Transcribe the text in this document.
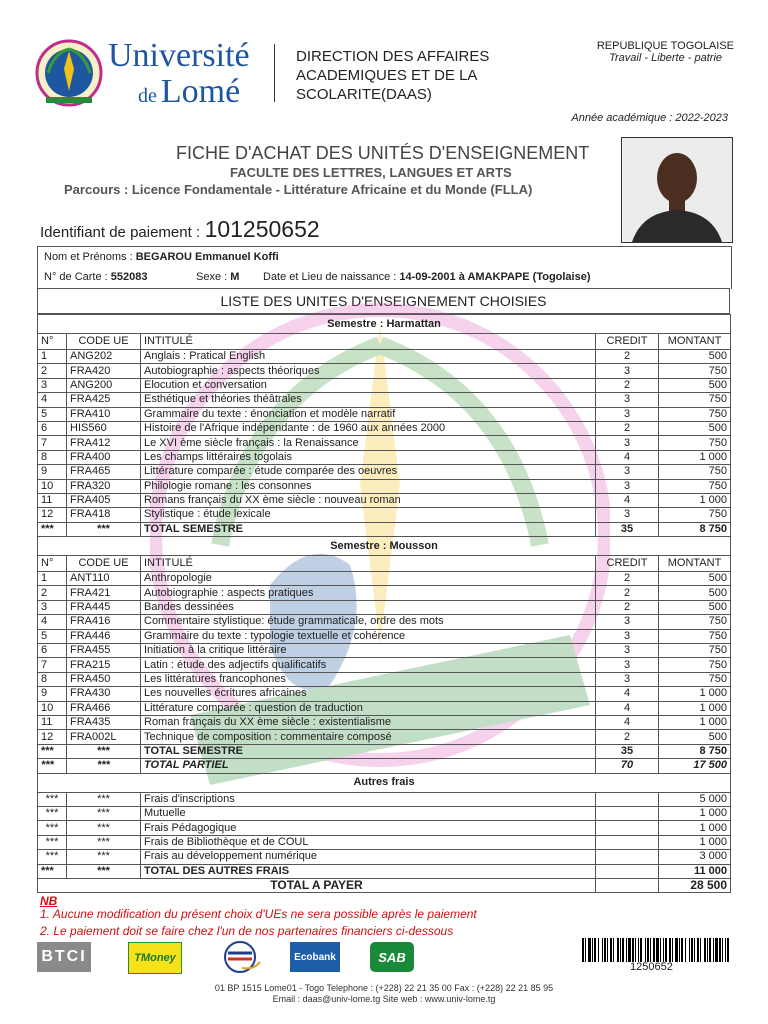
Université
de Lomé
DIRECTION DES AFFAIRES
ACADEMIQUES ET DE LA
SCOLARITE(DAAS)
REPUBLIQUE TOGOLAISE
Travail - Liberte - patrie
Année académique : 2022-2023
FICHE D'ACHAT DES UNITÉS D'ENSEIGNEMENT
FACULTE DES LETTRES, LANGUES ET ARTS
Parcours : Licence Fondamentale - Littérature Africaine et du Monde (FLLA)
Identifiant de paiement : 101250652
Nom et Prénoms : BEGAROU Emmanuel Koffi
N° de Carte : 552083	Sexe : M Date et Lieu de naissance : 14-09-2001 à AMAKPAPE (Togolaise)
LISTE DES UNITES D'ENSEIGNEMENT CHOISIES
Semestre : Harmattan				
N°	CODE UE	INTITULÉ	CREDIT	MONTANT
1	ANG202	Anglais : Pratical English	2	500
2	FRA420	Autobiographie : aspects théoriques	3	750
3	ANG200	Elocution et conversation	2	500
4	FRA425	Esthétique et théories théâtrales	3	750
5	FRA410	Grammaire du texte : énonciation et modèle narratif	3	750
6	HIS560	Histoire de l'Afrique indépendante : de 1960 aux années 2000	2	500
7	FRA412	Le XVI ème siècle français : la Renaissance	3	750
8	FRA400	Les champs littéraires togolais	4	1 000
9	FRA465	Littérature comparée : étude comparée des oeuvres	3	750
10	FRA320	Philologie romane : les consonnes	3	750
11	FRA405	Romans français du XX ème siècle : nouveau roman	4	1 000
12	FRA418	Stylistique : étude lexicale	3	750
***	***	TOTAL SEMESTRE	35	8 750
Semestre : Mousson				
N°	CODE UE	INTITULÉ	CREDIT	MONTANT
1	ANT110	Anthropologie	2	500
2	FRA421	Autobiographie : aspects pratiques	2	500
3	FRA445	Bandes dessinées	2	500
4	FRA416	Commentaire stylistique: étude grammaticale, ordre des mots	3	750
5	FRA446	Grammaire du texte : typologie textuelle et cohérence	3	750
6	FRA455	Initiation à la critique littéraire	3	750
7	FRA215	Latin : étude des adjectifs qualificatifs	3	750
8	FRA450	Les littératures francophones	3	750
9	FRA430	Les nouvelles écritures africaines	4	1 000
10	FRA466	Littérature comparée : question de traduction	4	1 000
11	FRA435	Roman français du XX ème siècle : existentialisme	4	1 000
12	FRA002L	Technique de composition : commentaire composé	2	500
***	***	TOTAL SEMESTRE	35	8 750
***	***	TOTAL PARTIEL	70	17 500
Autres frais				
***	***	Frais d'inscriptions		5 000
***	***	Mutuelle		1 000
***	***	Frais Pédagogique		1 000
***	***	Frais de Bibliothèque et de COUL		1 000
***	***	Frais au développement numérique		3 000
***	***	TOTAL DES AUTRES FRAIS		11 000
TOTAL A PAYER				28 500
NB
1. Aucune modification du présent choix d'UEs ne sera possible après le paiement
2. Le paiement doit se faire chez l'un de nos partenaires financiers ci-dessous
BTCI	TMoney	Ecobank	SAB
1250652
01 BP 1515 Lome01 - Togo Telephone : (+228) 22 21 35 00 Fax : (+228) 22 21 85 95
Email : daas@univ-lome.tg Site web : www.univ-lome.tg
